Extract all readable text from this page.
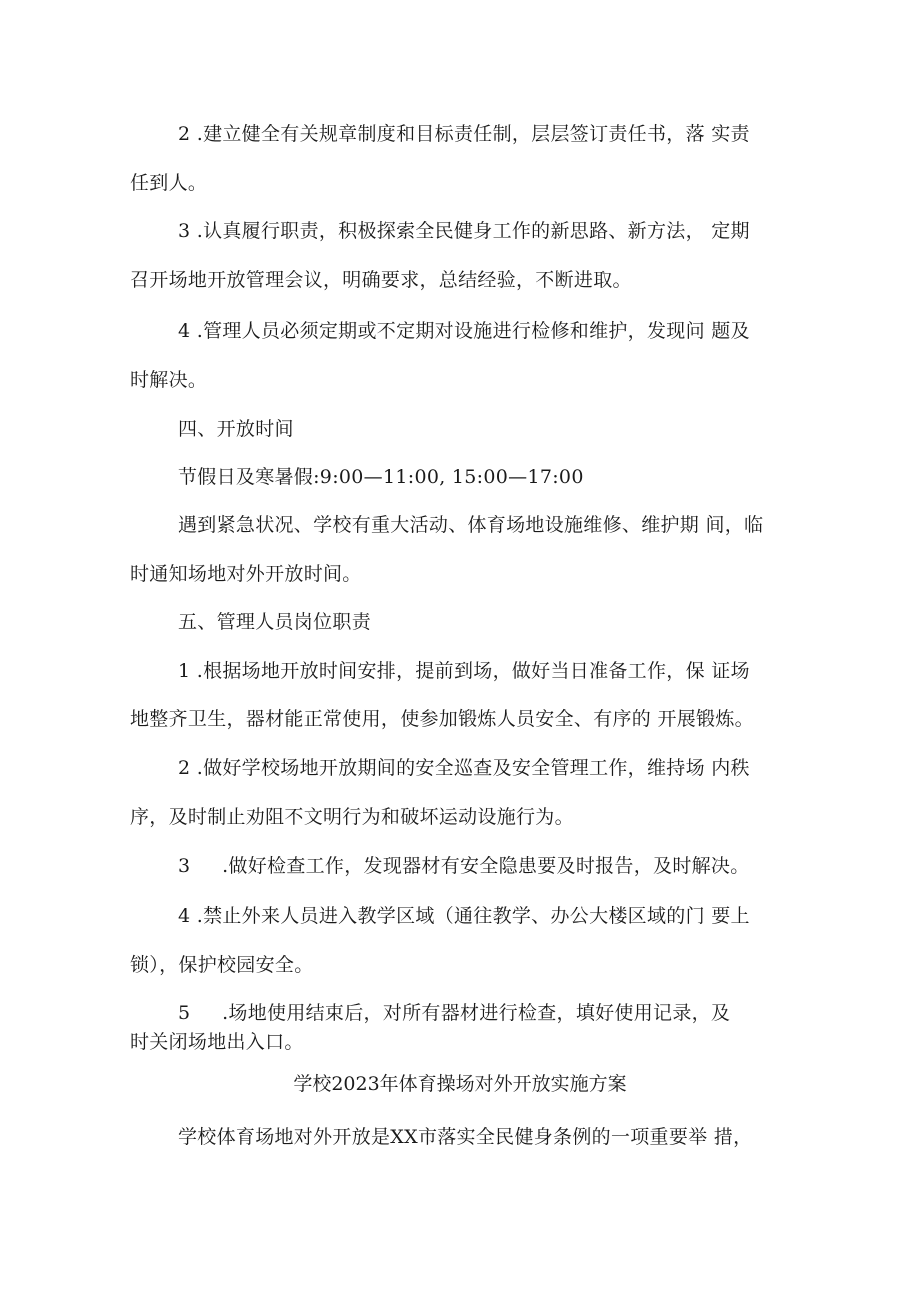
2 .建立健全有关规章制度和目标责任制，层层签订责任书，落 实责
任到人。
3 .认真履行职责，积极探索全民健身工作的新思路、新方法， 定期
召开场地开放管理会议，明确要求，总结经验，不断进取。
4 .管理人员必须定期或不定期对设施进行检修和维护，发现问 题及
时解决。
四、开放时间
节假日及寒暑假:9:00—11:00, 15:00—17:00
遇到紧急状况、学校有重大活动、体育场地设施维修、维护期 间，临
时通知场地对外开放时间。
五、管理人员岗位职责
1 .根据场地开放时间安排，提前到场，做好当日准备工作，保 证场
地整齐卫生，器材能正常使用，使参加锻炼人员安全、有序的 开展锻炼。
2 .做好学校场地开放期间的安全巡查及安全管理工作，维持场 内秩
序，及时制止劝阻不文明行为和破坏运动设施行为。
3     .做好检查工作，发现器材有安全隐患要及时报告，及时解决。
4 .禁止外来人员进入教学区域（通往教学、办公大楼区域的门 要上
锁），保护校园安全。
5     .场地使用结束后，对所有器材进行检查，填好使用记录，及
时关闭场地出入口。
学校2023年体育操场对外开放实施方案
学校体育场地对外开放是XX市落实全民健身条例的一项重要举 措，
